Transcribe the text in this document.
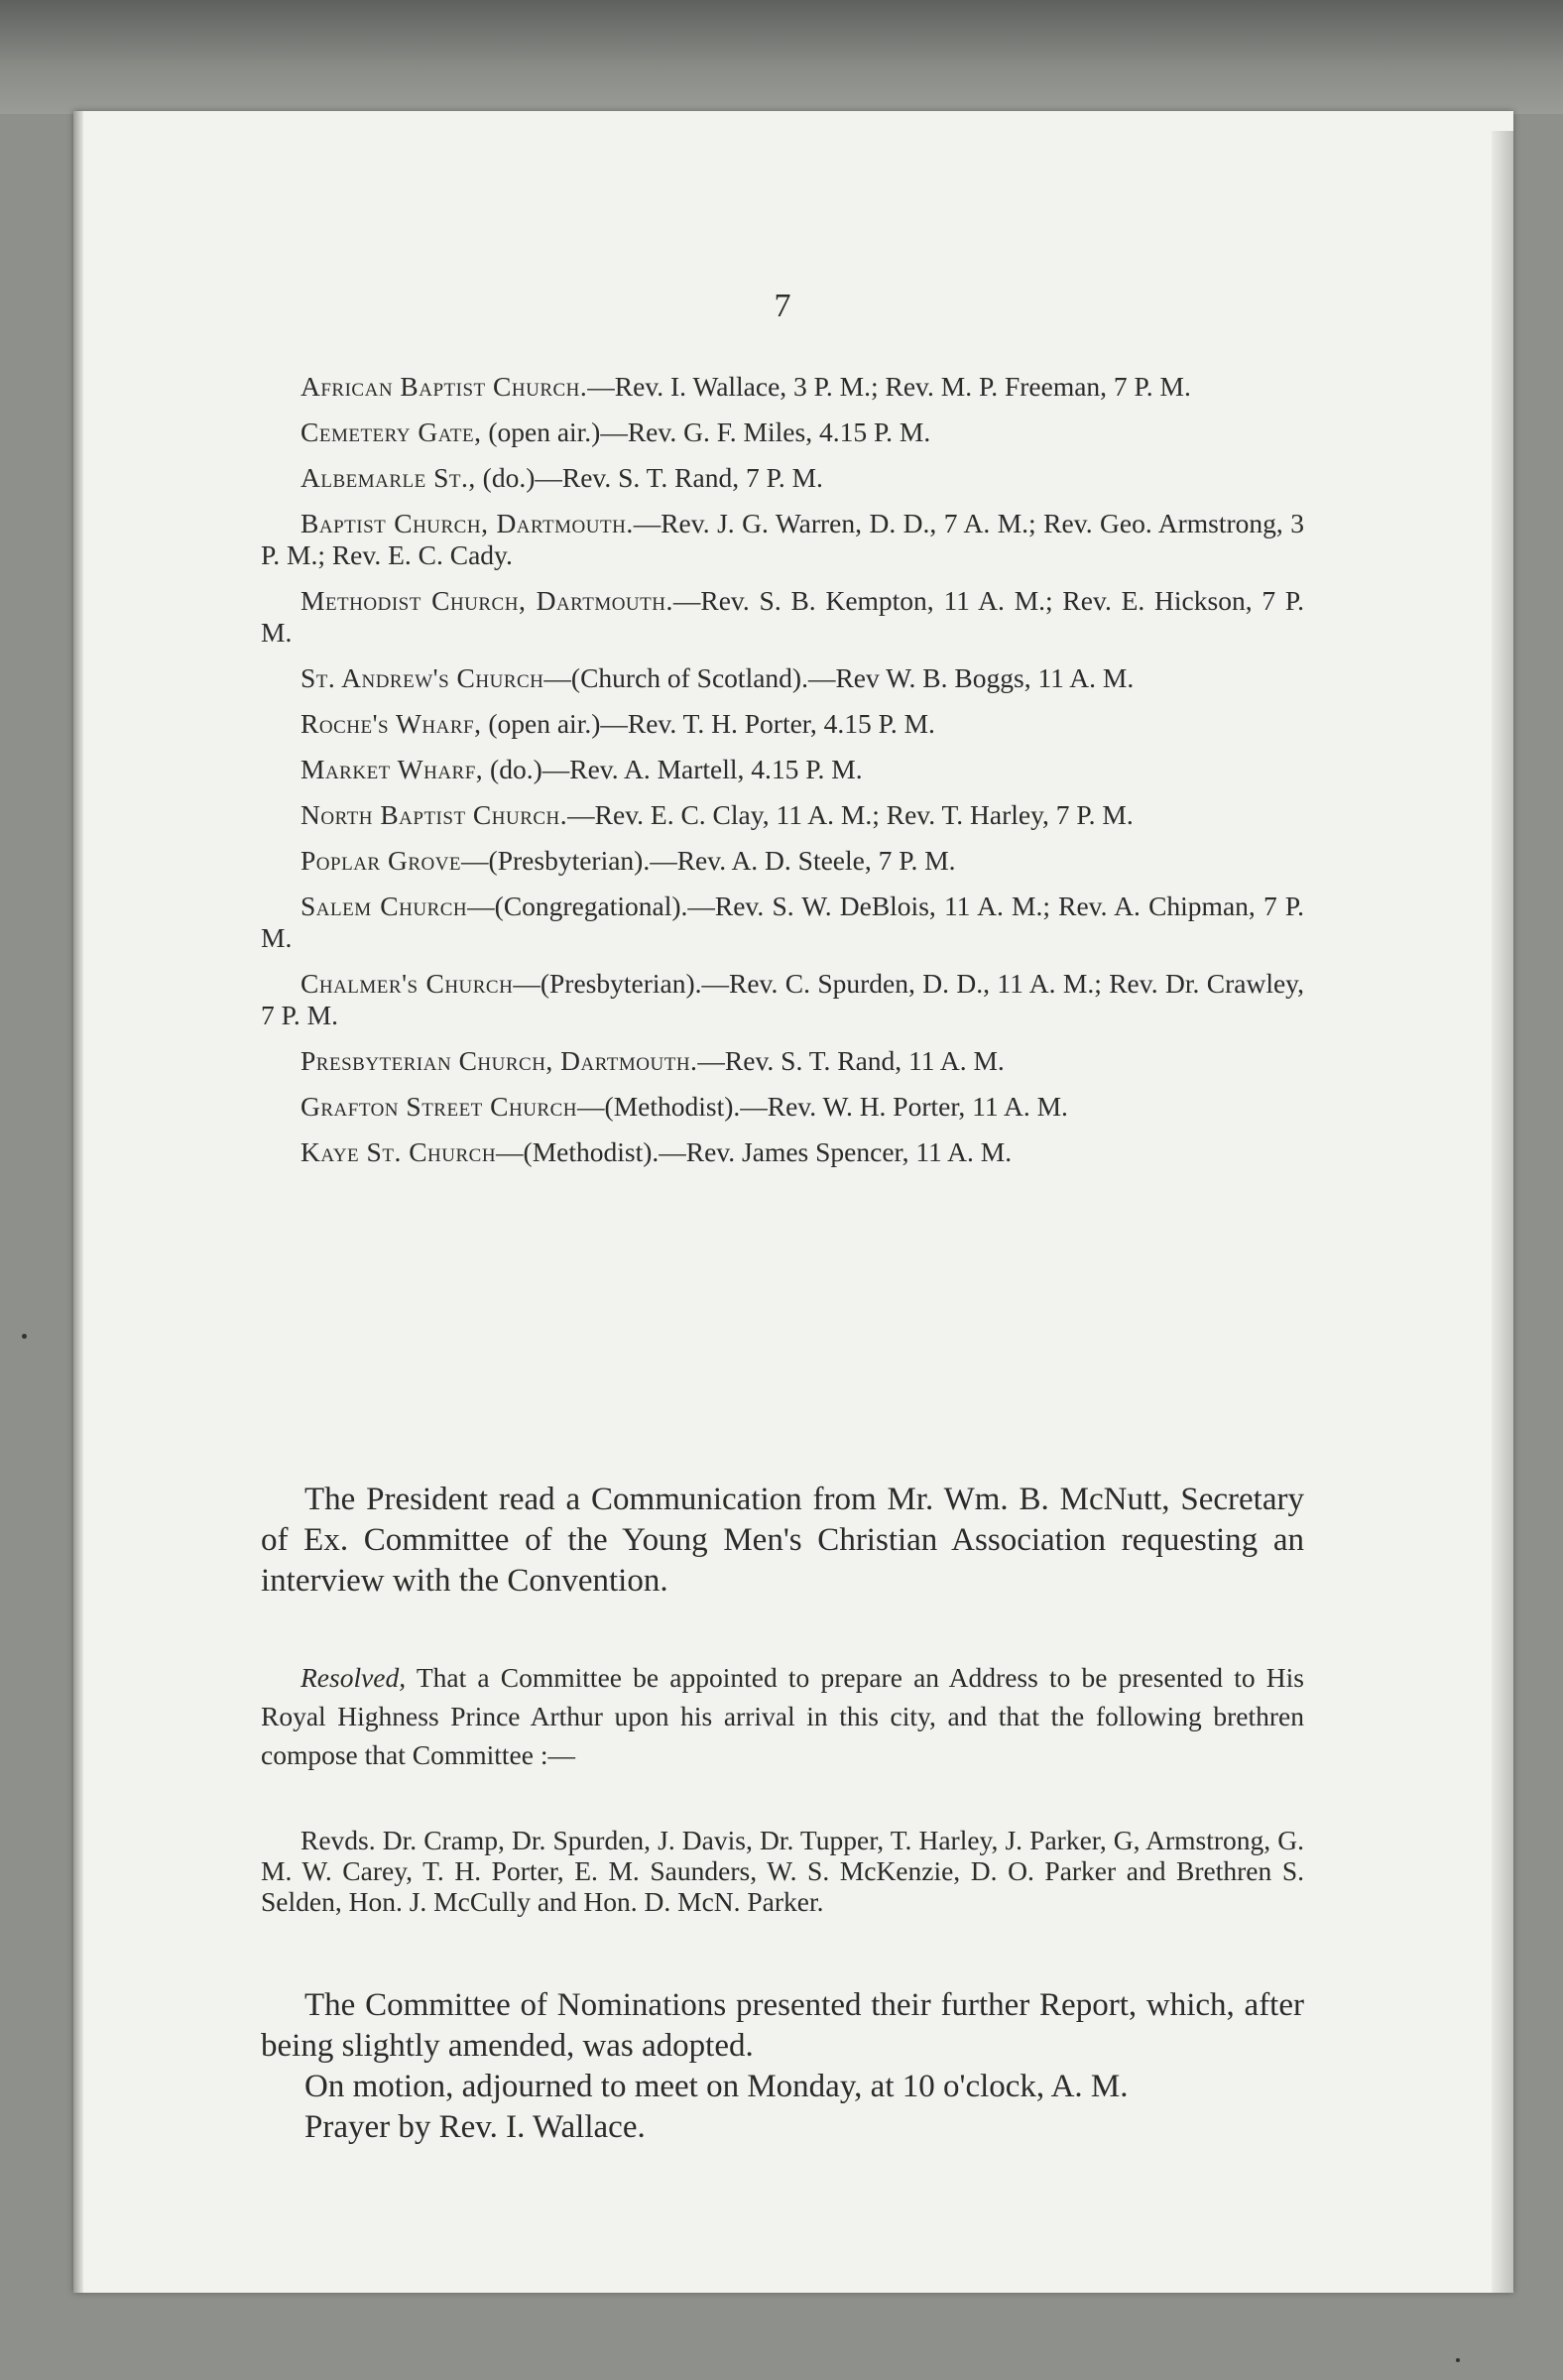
7

African Baptist Church.—Rev. I. Wallace, 3 P. M.; Rev. M. P. Freeman, 7 P. M.

Cemetery Gate, (open air.)—Rev. G. F. Miles, 4.15 P. M.

Albemarle St., (do.)—Rev. S. T. Rand, 7 P. M.

Baptist Church, Dartmouth.—Rev. J. G. Warren, D. D., 7 A. M.; Rev. Geo. Armstrong, 3 P. M.; Rev. E. C. Cady.

Methodist Church, Dartmouth.—Rev. S. B. Kempton, 11 A. M.; Rev. E. Hickson, 7 P. M.

St. Andrew's Church—(Church of Scotland).—Rev W. B. Boggs, 11 A. M.

Roche's Wharf, (open air.)—Rev. T. H. Porter, 4.15 P. M.

Market Wharf, (do.)—Rev. A. Martell, 4.15 P. M.

North Baptist Church.—Rev. E. C. Clay, 11 A. M.; Rev. T. Harley, 7 P. M.

Poplar Grove—(Presbyterian).—Rev. A. D. Steele, 7 P. M.

Salem Church—(Congregational).—Rev. S. W. DeBlois, 11 A. M.; Rev. A. Chipman, 7 P. M.

Chalmer's Church—(Presbyterian).—Rev. C. Spurden, D. D., 11 A. M.; Rev. Dr. Crawley, 7 P. M.

Presbyterian Church, Dartmouth.—Rev. S. T. Rand, 11 A. M.

Grafton Street Church—(Methodist).—Rev. W. H. Porter, 11 A. M.

Kaye St. Church—(Methodist).—Rev. James Spencer, 11 A. M.

The President read a Communication from Mr. Wm. B. McNutt, Secretary of Ex. Committee of the Young Men's Christian Association requesting an interview with the Convention.

Resolved, That a Committee be appointed to prepare an Address to be presented to His Royal Highness Prince Arthur upon his arrival in this city, and that the following brethren compose that Committee :—

Revds. Dr. Cramp, Dr. Spurden, J. Davis, Dr. Tupper, T. Harley, J. Parker, G, Armstrong, G. M. W. Carey, T. H. Porter, E. M. Saunders, W. S. McKenzie, D. O. Parker and Brethren S. Selden, Hon. J. McCully and Hon. D. McN. Parker.

The Committee of Nominations presented their further Report, which, after being slightly amended, was adopted.

On motion, adjourned to meet on Monday, at 10 o'clock, A. M.

Prayer by Rev. I. Wallace.
